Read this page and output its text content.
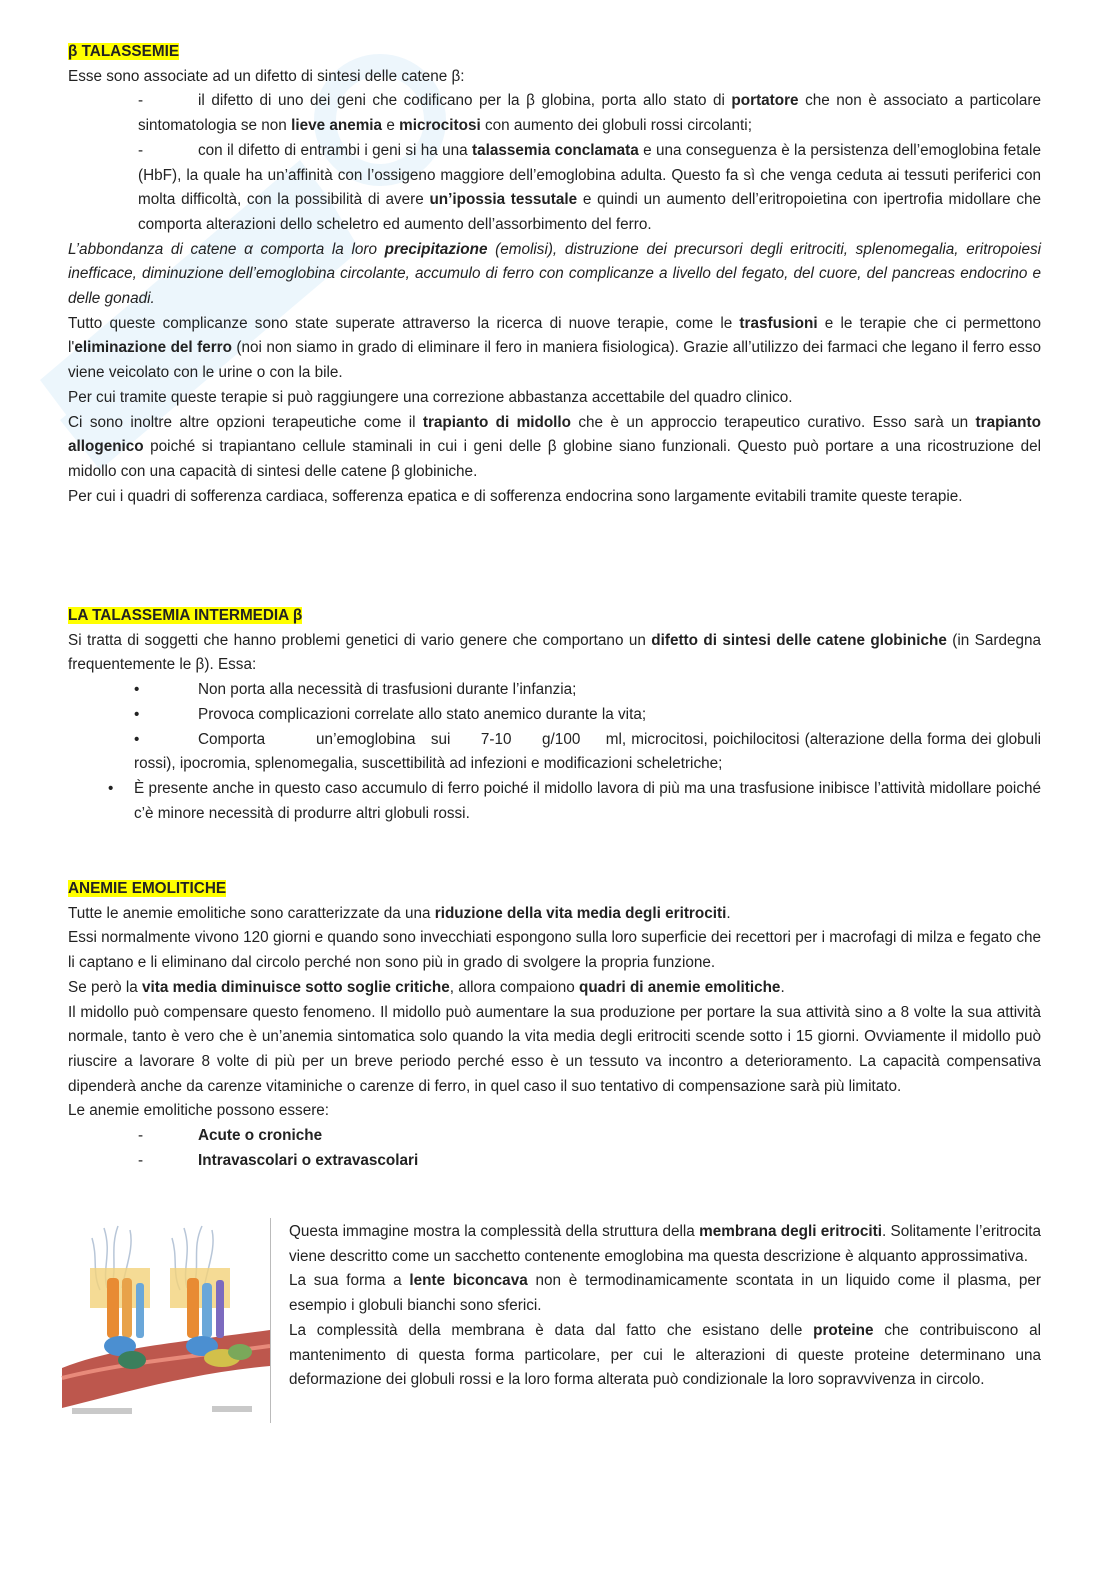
β TALASSEMIE

Esse sono associate ad un difetto di sintesi delle catene β:

-	il difetto di uno dei geni che codificano per la β globina, porta allo stato di portatore che non è associato a particolare sintomatologia se non lieve anemia e microcitosi con aumento dei globuli rossi circolanti;

-	con il difetto di entrambi i geni si ha una talassemia conclamata e una conseguenza è la persistenza dell’emoglobina fetale (HbF), la quale ha un’affinità con l’ossigeno maggiore dell’emoglobina adulta. Questo fa sì che venga ceduta ai tessuti periferici con molta difficoltà, con la possibilità di avere un’ipossia tessutale e quindi un aumento dell’eritropoietina con ipertrofia midollare che comporta alterazioni dello scheletro ed aumento dell’assorbimento del ferro.

L’abbondanza di catene α comporta la loro precipitazione (emolisi), distruzione dei precursori degli eritrociti, splenomegalia, eritropoiesi inefficace, diminuzione dell’emoglobina circolante, accumulo di ferro con complicanze a livello del fegato, del cuore, del pancreas endocrino e delle gonadi.

Tutto queste complicanze sono state superate attraverso la ricerca di nuove terapie, come le trasfusioni e le terapie che ci permettono l'eliminazione del ferro (noi non siamo in grado di eliminare il fero in maniera fisiologica). Grazie all’utilizzo dei farmaci che legano il ferro esso viene veicolato con le urine o con la bile.

Per cui tramite queste terapie si può raggiungere una correzione abbastanza accettabile del quadro clinico.

Ci sono inoltre altre opzioni terapeutiche come il trapianto di midollo che è un approccio terapeutico curativo. Esso sarà un trapianto allogenico poiché si trapiantano cellule staminali in cui i geni delle β globine siano funzionali. Questo può portare a una ricostruzione del midollo con una capacità di sintesi delle catene β globiniche.

Per cui i quadri di sofferenza cardiaca, sofferenza epatica e di sofferenza endocrina sono largamente evitabili tramite queste terapie.

LA TALASSEMIA INTERMEDIA β

Si tratta di soggetti che hanno problemi genetici di vario genere che comportano un difetto di sintesi delle catene globiniche (in Sardegna frequentemente le β). Essa:

•	Non porta alla necessità di trasfusioni durante l’infanzia;

•	Provoca complicazioni correlate allo stato anemico durante la vita;

•	Comporta          un’emoglobina   sui      7-10      g/100     ml, microcitosi, poichilocitosi (alterazione della forma dei globuli rossi), ipocromia, splenomegalia, suscettibilità ad infezioni e modificazioni scheletriche;

• È presente anche in questo caso accumulo di ferro poiché il midollo lavora di più ma una trasfusione inibisce l’attività midollare poiché c’è minore necessità di produrre altri globuli rossi.

ANEMIE EMOLITICHE

Tutte le anemie emolitiche sono caratterizzate da una riduzione della vita media degli eritrociti.

Essi normalmente vivono 120 giorni e quando sono invecchiati espongono sulla loro superficie dei recettori per i macrofagi di milza e fegato che li captano e li eliminano dal circolo perché non sono più in grado di svolgere la propria funzione.

Se però la vita media diminuisce sotto soglie critiche, allora compaiono quadri di anemie emolitiche.

Il midollo può compensare questo fenomeno. Il midollo può aumentare la sua produzione per portare la sua attività sino a 8 volte la sua attività normale, tanto è vero che è un’anemia sintomatica solo quando la vita media degli eritrociti scende sotto i 15 giorni. Ovviamente il midollo può riuscire a lavorare 8 volte di più per un breve periodo perché esso è un tessuto va incontro a deterioramento. La capacità compensativa dipenderà anche da carenze vitaminiche o carenze di ferro, in quel caso il suo tentativo di compensazione sarà più limitato.

Le anemie emolitiche possono essere:

-	Acute o croniche

-	Intravascolari o extravascolari

Questa immagine mostra la complessità della struttura della membrana degli eritrociti. Solitamente l’eritrocita viene descritto come un sacchetto contenente emoglobina ma questa descrizione è alquanto approssimativa.

La sua forma a lente biconcava non è termodinamicamente scontata in un liquido come il plasma, per esempio i globuli bianchi sono sferici.

La complessità della membrana è data dal fatto che esistano delle proteine che contribuiscono al mantenimento di questa forma particolare, per cui le alterazioni di queste proteine determinano una deformazione dei globuli rossi e la loro forma alterata può condizionale la loro sopravvivenza in circolo.
